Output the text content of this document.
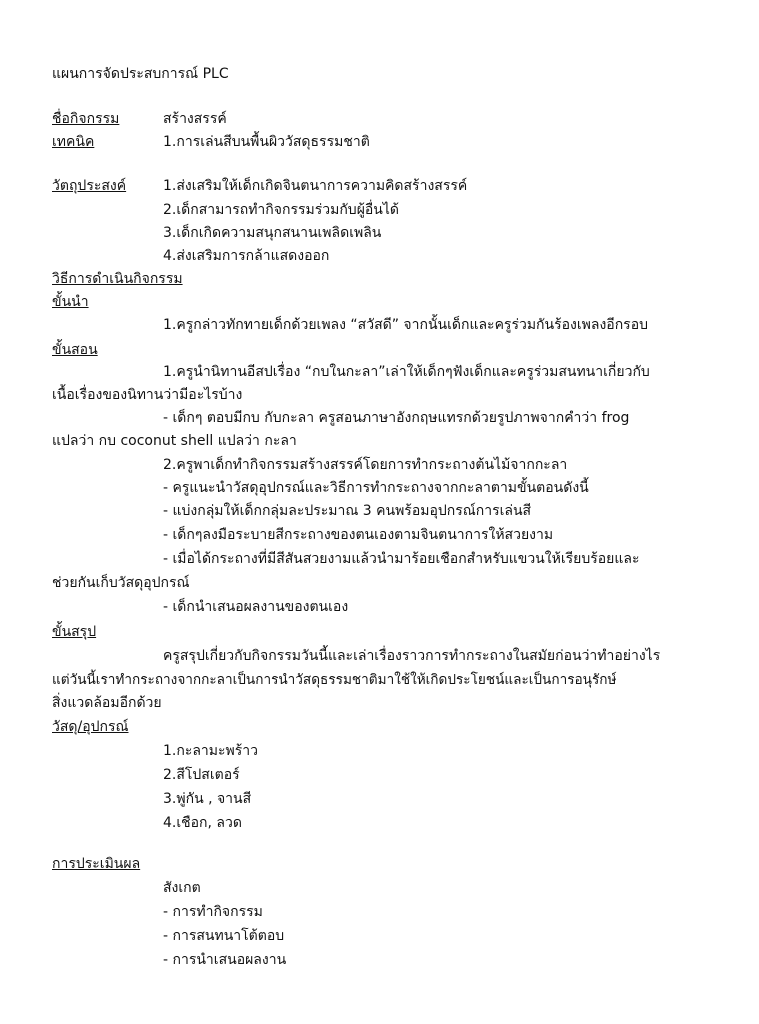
แผนการจัดประสบการณ์ PLC
ชื่อกิจกรรม	สร้างสรรค์
เทคนิค	1.การเล่นสีบนพื้นผิววัสดุธรรมชาติ
วัตถุประสงค์	1.ส่งเสริมให้เด็กเกิดจินตนาการความคิดสร้างสรรค์
2.เด็กสามารถทำกิจกรรมร่วมกับผู้อื่นได้
3.เด็กเกิดความสนุกสนานเพลิดเพลิน
4.ส่งเสริมการกล้าแสดงออก
วิธีการดำเนินกิจกรรม
ขั้นนำ
1.ครูกล่าวทักทายเด็กด้วยเพลง “สวัสดี” จากนั้นเด็กและครูร่วมกันร้องเพลงอีกรอบ
ขั้นสอน
1.ครูนำนิทานอีสปเรื่อง “กบในกะลา”เล่าให้เด็กๆฟังเด็กและครูร่วมสนทนาเกี่ยวกับ
เนื้อเรื่องของนิทานว่ามีอะไรบ้าง
- เด็กๆ ตอบมีกบ กับกะลา ครูสอนภาษาอังกฤษแทรกด้วยรูปภาพจากคำว่า frog
แปลว่า กบ coconut shell แปลว่า กะลา
2.ครูพาเด็กทำกิจกรรมสร้างสรรค์โดยการทำกระถางต้นไม้จากกะลา
- ครูแนะนำวัสดุอุปกรณ์และวิธีการทำกระถางจากกะลาตามขั้นตอนดังนี้
- แบ่งกลุ่มให้เด็กกลุ่มละประมาณ 3 คนพร้อมอุปกรณ์การเล่นสี
- เด็กๆลงมือระบายสีกระถางของตนเองตามจินตนาการให้สวยงาม
- เมื่อได้กระถางที่มีสีสันสวยงามแล้วนำมาร้อยเชือกสำหรับแขวนให้เรียบร้อยและ
ช่วยกันเก็บวัสดุอุปกรณ์
- เด็กนำเสนอผลงานของตนเอง
ขั้นสรุป
ครูสรุปเกี่ยวกับกิจกรรมวันนี้และเล่าเรื่องราวการทำกระถางในสมัยก่อนว่าทำอย่างไร
แต่วันนี้เราทำกระถางจากกะลาเป็นการนำวัสดุธรรมชาติมาใช้ให้เกิดประโยชน์และเป็นการอนุรักษ์
สิ่งแวดล้อมอีกด้วย
วัสดุ/อุปกรณ์
1.กะลามะพร้าว
2.สีโปสเตอร์
3.พู่กัน , จานสี
4.เชือก, ลวด
การประเมินผล
สังเกต
- การทำกิจกรรม
- การสนทนาโต้ตอบ
- การนำเสนอผลงาน
